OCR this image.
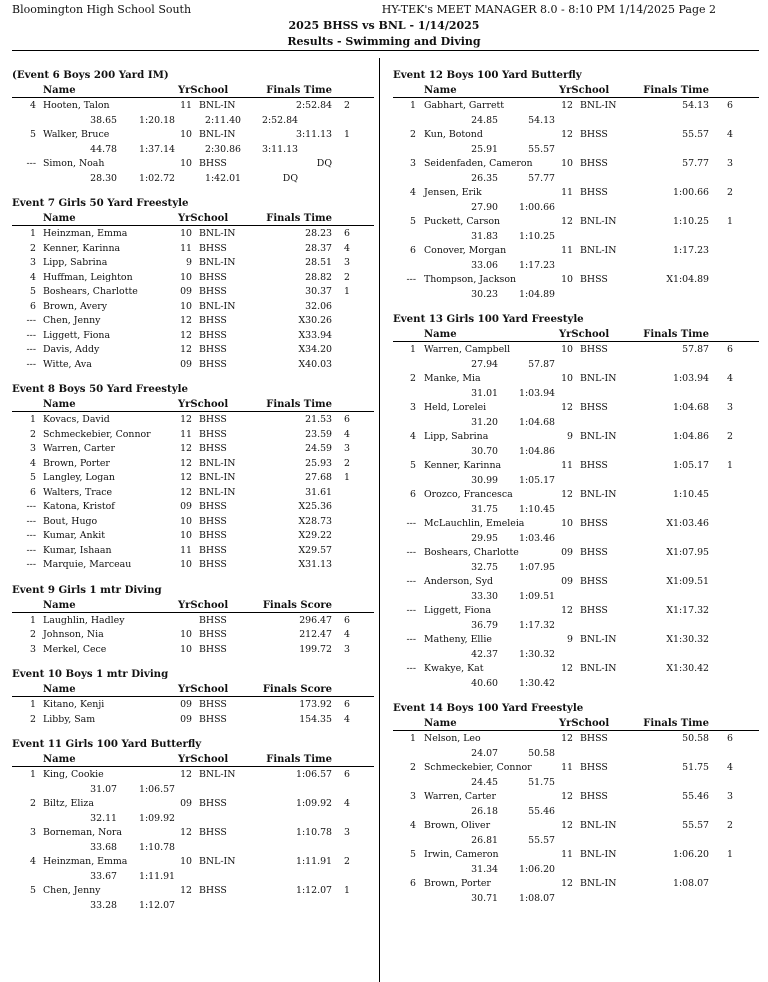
Bloomington High School South	HY-TEK's MEET MANAGER 8.0 - 8:10 PM 1/14/2025 Page 2
2025 BHSS vs BNL - 1/14/2025
Results - Swimming and Diving
(Event 6 Boys 200 Yard IM)
Name	YrSchool	Finals Time
4 Hooten, Talon	11 BNL-IN	2:52.84	2
38.65	1:20.18	2:11.40	2:52.84
5 Walker, Bruce	10 BNL-IN	3:11.13	1
44.78	1:37.14	2:30.86	3:11.13
--- Simon, Noah	10 BHSS	DQ
28.30	1:02.72	1:42.01	DQ
Event 7 Girls 50 Yard Freestyle
Name	YrSchool	Finals Time
1 Heinzman, Emma	10 BNL-IN	28.23	6
2 Kenner, Karinna	11 BHSS	28.37	4
3 Lipp, Sabrina	9 BNL-IN	28.51	3
4 Huffman, Leighton	10 BHSS	28.82	2
5 Boshears, Charlotte	09 BHSS	30.37	1
6 Brown, Avery	10 BNL-IN	32.06
--- Chen, Jenny	12 BHSS	X30.26
--- Liggett, Fiona	12 BHSS	X33.94
--- Davis, Addy	12 BHSS	X34.20
--- Witte, Ava	09 BHSS	X40.03
Event 8 Boys 50 Yard Freestyle
Name	YrSchool	Finals Time
1 Kovacs, David	12 BHSS	21.53	6
2 Schmeckebier, Connor	11 BHSS	23.59	4
3 Warren, Carter	12 BHSS	24.59	3
4 Brown, Porter	12 BNL-IN	25.93	2
5 Langley, Logan	12 BNL-IN	27.68	1
6 Walters, Trace	12 BNL-IN	31.61
--- Katona, Kristof	09 BHSS	X25.36
--- Bout, Hugo	10 BHSS	X28.73
--- Kumar, Ankit	10 BHSS	X29.22
--- Kumar, Ishaan	11 BHSS	X29.57
--- Marquie, Marceau	10 BHSS	X31.13
Event 9 Girls 1 mtr Diving
Name	YrSchool	Finals Score
1 Laughlin, Hadley	BHSS	296.47	6
2 Johnson, Nia	10 BHSS	212.47	4
3 Merkel, Cece	10 BHSS	199.72	3
Event 10 Boys 1 mtr Diving
Name	YrSchool	Finals Score
1 Kitano, Kenji	09 BHSS	173.92	6
2 Libby, Sam	09 BHSS	154.35	4
Event 11 Girls 100 Yard Butterfly
Name	YrSchool	Finals Time
1 King, Cookie	12 BNL-IN	1:06.57	6
31.07	1:06.57
2 Biltz, Eliza	09 BHSS	1:09.92	4
32.11	1:09.92
3 Borneman, Nora	12 BHSS	1:10.78	3
33.68	1:10.78
4 Heinzman, Emma	10 BNL-IN	1:11.91	2
33.67	1:11.91
5 Chen, Jenny	12 BHSS	1:12.07	1
33.28	1:12.07
Event 12 Boys 100 Yard Butterfly
Name	YrSchool	Finals Time
1 Gabhart, Garrett	12 BNL-IN	54.13	6
24.85	54.13
2 Kun, Botond	12 BHSS	55.57	4
25.91	55.57
3 Seidenfaden, Cameron	10 BHSS	57.77	3
26.35	57.77
4 Jensen, Erik	11 BHSS	1:00.66	2
27.90	1:00.66
5 Puckett, Carson	12 BNL-IN	1:10.25	1
31.83	1:10.25
6 Conover, Morgan	11 BNL-IN	1:17.23
33.06	1:17.23
--- Thompson, Jackson	10 BHSS	X1:04.89
30.23	1:04.89
Event 13 Girls 100 Yard Freestyle
Name	YrSchool	Finals Time
1 Warren, Campbell	10 BHSS	57.87	6
27.94	57.87
2 Manke, Mia	10 BNL-IN	1:03.94	4
31.01	1:03.94
3 Held, Lorelei	12 BHSS	1:04.68	3
31.20	1:04.68
4 Lipp, Sabrina	9 BNL-IN	1:04.86	2
30.70	1:04.86
5 Kenner, Karinna	11 BHSS	1:05.17	1
30.99	1:05.17
6 Orozco, Francesca	12 BNL-IN	1:10.45
31.75	1:10.45
--- McLauchlin, Emeleia	10 BHSS	X1:03.46
29.95	1:03.46
--- Boshears, Charlotte	09 BHSS	X1:07.95
32.75	1:07.95
--- Anderson, Syd	09 BHSS	X1:09.51
33.30	1:09.51
--- Liggett, Fiona	12 BHSS	X1:17.32
36.79	1:17.32
--- Matheny, Ellie	9 BNL-IN	X1:30.32
42.37	1:30.32
--- Kwakye, Kat	12 BNL-IN	X1:30.42
40.60	1:30.42
Event 14 Boys 100 Yard Freestyle
Name	YrSchool	Finals Time
1 Nelson, Leo	12 BHSS	50.58	6
24.07	50.58
2 Schmeckebier, Connor	11 BHSS	51.75	4
24.45	51.75
3 Warren, Carter	12 BHSS	55.46	3
26.18	55.46
4 Brown, Oliver	12 BNL-IN	55.57	2
26.81	55.57
5 Irwin, Cameron	11 BNL-IN	1:06.20	1
31.34	1:06.20
6 Brown, Porter	12 BNL-IN	1:08.07
30.71	1:08.07
